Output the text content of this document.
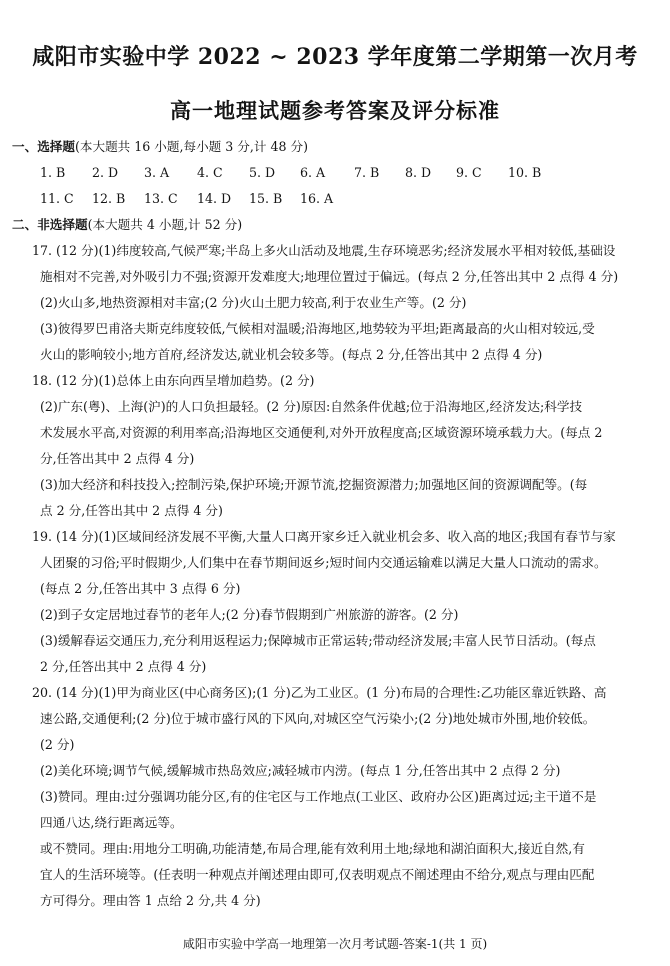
咸阳市实验中学 2022 ~ 2023 学年度第二学期第一次月考
高一地理试题参考答案及评分标准
一、选择题(本大题共 16 小题,每小题 3 分,计 48 分)
1. B 2. D 3. A 4. C 5. D 6. A 7. B 8. D 9. C 10. B
11. C 12. B 13. C 14. D 15. B 16. A
二、非选择题(本大题共 4 小题,计 52 分)
17. (12 分)(1)纬度较高,气候严寒;半岛上多火山活动及地震,生存环境恶劣;经济发展水平相对较低,基础设
施相对不完善,对外吸引力不强;资源开发难度大;地理位置过于偏远。(每点 2 分,任答出其中 2 点得 4 分)
(2)火山多,地热资源相对丰富;(2 分)火山土肥力较高,利于农业生产等。(2 分)
(3)彼得罗巴甫洛夫斯克纬度较低,气候相对温暖;沿海地区,地势较为平坦;距离最高的火山相对较远,受
火山的影响较小;地方首府,经济发达,就业机会较多等。(每点 2 分,任答出其中 2 点得 4 分)
18. (12 分)(1)总体上由东向西呈增加趋势。(2 分)
(2)广东(粤)、上海(沪)的人口负担最轻。(2 分)原因:自然条件优越;位于沿海地区,经济发达;科学技
术发展水平高,对资源的利用率高;沿海地区交通便利,对外开放程度高;区域资源环境承载力大。(每点 2
分,任答出其中 2 点得 4 分)
(3)加大经济和科技投入;控制污染,保护环境;开源节流,挖掘资源潜力;加强地区间的资源调配等。(每
点 2 分,任答出其中 2 点得 4 分)
19. (14 分)(1)区域间经济发展不平衡,大量人口离开家乡迁入就业机会多、收入高的地区;我国有春节与家
人团聚的习俗;平时假期少,人们集中在春节期间返乡;短时间内交通运输难以满足大量人口流动的需求。
(每点 2 分,任答出其中 3 点得 6 分)
(2)到子女定居地过春节的老年人;(2 分)春节假期到广州旅游的游客。(2 分)
(3)缓解春运交通压力,充分利用返程运力;保障城市正常运转;带动经济发展;丰富人民节日活动。(每点
2 分,任答出其中 2 点得 4 分)
20. (14 分)(1)甲为商业区(中心商务区);(1 分)乙为工业区。(1 分)布局的合理性:乙功能区靠近铁路、高
速公路,交通便利;(2 分)位于城市盛行风的下风向,对城区空气污染小;(2 分)地处城市外围,地价较低。
(2 分)
(2)美化环境;调节气候,缓解城市热岛效应;减轻城市内涝。(每点 1 分,任答出其中 2 点得 2 分)
(3)赞同。理由:过分强调功能分区,有的住宅区与工作地点(工业区、政府办公区)距离过远;主干道不是
四通八达,绕行距离远等。
或不赞同。理由:用地分工明确,功能清楚,布局合理,能有效利用土地;绿地和湖泊面积大,接近自然,有
宜人的生活环境等。(任表明一种观点并阐述理由即可,仅表明观点不阐述理由不给分,观点与理由匹配
方可得分。理由答 1 点给 2 分,共 4 分)
咸阳市实验中学高一地理第一次月考试题-答案-1(共 1 页)
